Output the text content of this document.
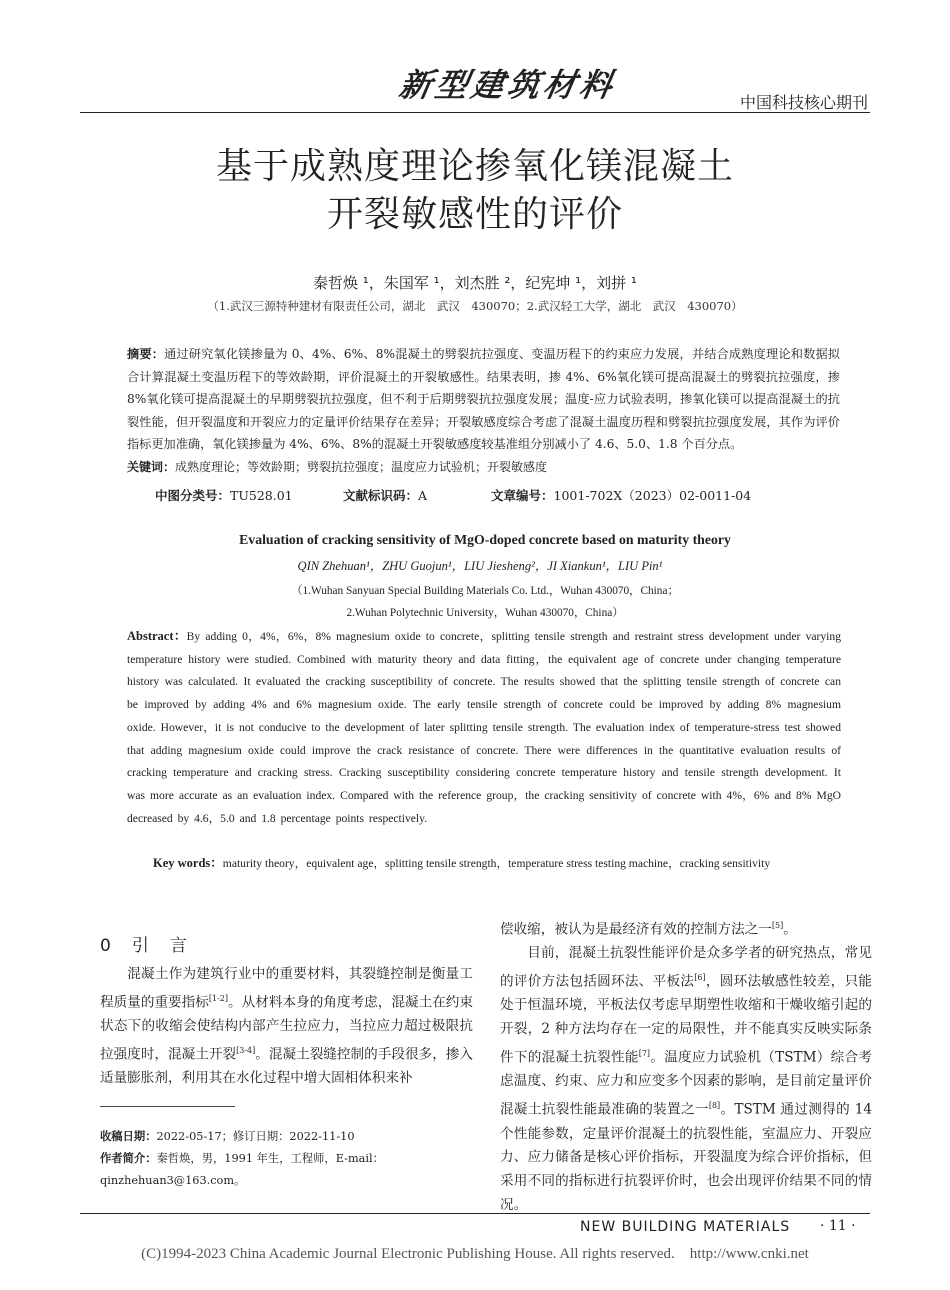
新型建筑材料	中国科技核心期刊
基于成熟度理论掺氧化镁混凝土
开裂敏感性的评价
秦哲焕 ¹，朱国军 ¹，刘杰胜 ²，纪宪坤 ¹，刘拼 ¹
（1.武汉三源特种建材有限责任公司，湖北　武汉　430070；2.武汉轻工大学，湖北　武汉　430070）
摘要：通过研究氧化镁掺量为 0、4%、6%、8%混凝土的劈裂抗拉强度、变温历程下的约束应力发展，并结合成熟度理论和数据拟合计算混凝土变温历程下的等效龄期，评价混凝土的开裂敏感性。结果表明，掺 4%、6%氧化镁可提高混凝土的劈裂抗拉强度，掺 8%氧化镁可提高混凝土的早期劈裂抗拉强度，但不利于后期劈裂抗拉强度发展；温度-应力试验表明，掺氧化镁可以提高混凝土的抗裂性能，但开裂温度和开裂应力的定量评价结果存在差异；开裂敏感度综合考虑了混凝土温度历程和劈裂抗拉强度发展，其作为评价指标更加准确，氧化镁掺量为 4%、6%、8%的混凝土开裂敏感度较基准组分别减小了 4.6、5.0、1.8 个百分点。
关键词：成熟度理论；等效龄期；劈裂抗拉强度；温度应力试验机；开裂敏感度
中图分类号：TU528.01	文献标识码：A	文章编号：1001-702X（2023）02-0011-04
Evaluation of cracking sensitivity of MgO-doped concrete based on maturity theory
QIN Zhehuan¹，ZHU Guojun¹，LIU Jiesheng²，JI Xiankun¹，LIU Pin¹
（1.Wuhan Sanyuan Special Building Materials Co. Ltd.，Wuhan 430070，China；
2.Wuhan Polytechnic University，Wuhan 430070，China）
Abstract：By adding 0，4%，6%，8% magnesium oxide to concrete，splitting tensile strength and restraint stress development under varying temperature history were studied. Combined with maturity theory and data fitting，the equivalent age of concrete under changing temperature history was calculated. It evaluated the cracking susceptibility of concrete. The results showed that the splitting tensile strength of concrete can be improved by adding 4% and 6% magnesium oxide. The early tensile strength of concrete could be improved by adding 8% magnesium oxide. However，it is not conducive to the development of later splitting tensile strength. The evaluation index of temperature-stress test showed that adding magnesium oxide could improve the crack resistance of concrete. There were differences in the quantitative evaluation results of cracking temperature and cracking stress. Cracking susceptibility considering concrete temperature history and tensile strength development. It was more accurate as an evaluation index. Compared with the reference group，the cracking sensitivity of concrete with 4%，6% and 8% MgO decreased by 4.6，5.0 and 1.8 percentage points respectively.
Key words：maturity theory，equivalent age，splitting tensile strength，temperature stress testing machine，cracking sensitivity
0　引　言

混凝土作为建筑行业中的重要材料，其裂缝控制是衡量工程质量的重要指标[1-2]。从材料本身的角度考虑，混凝土在约束状态下的收缩会使结构内部产生拉应力，当拉应力超过极限抗拉强度时，混凝土开裂[3-4]。混凝土裂缝控制的手段很多，掺入适量膨胀剂，利用其在水化过程中增大固相体积来补

收稿日期：2022-05-17；修订日期：2022-11-10
作者简介：秦哲焕，男，1991 年生，工程师，E-mail：qinzhehuan3@163.com。

偿收缩，被认为是最经济有效的控制方法之一[5]。

目前，混凝土抗裂性能评价是众多学者的研究热点，常见的评价方法包括圆环法、平板法[6]，圆环法敏感性较差，只能处于恒温环境，平板法仅考虑早期塑性收缩和干燥收缩引起的开裂，2 种方法均存在一定的局限性，并不能真实反映实际条件下的混凝土抗裂性能[7]。温度应力试验机（TSTM）综合考虑温度、约束、应力和应变多个因素的影响，是目前定量评价混凝土抗裂性能最准确的装置之一[8]。TSTM 通过测得的 14 个性能参数，定量评价混凝土的抗裂性能，室温应力、开裂应力、应力储备是核心评价指标，开裂温度为综合评价指标，但采用不同的指标进行抗裂评价时，也会出现评价结果不同的情况。

NEW BUILDING MATERIALS · 11 ·
(C)1994-2023 China Academic Journal Electronic Publishing House. All rights reserved.　http://www.cnki.net
